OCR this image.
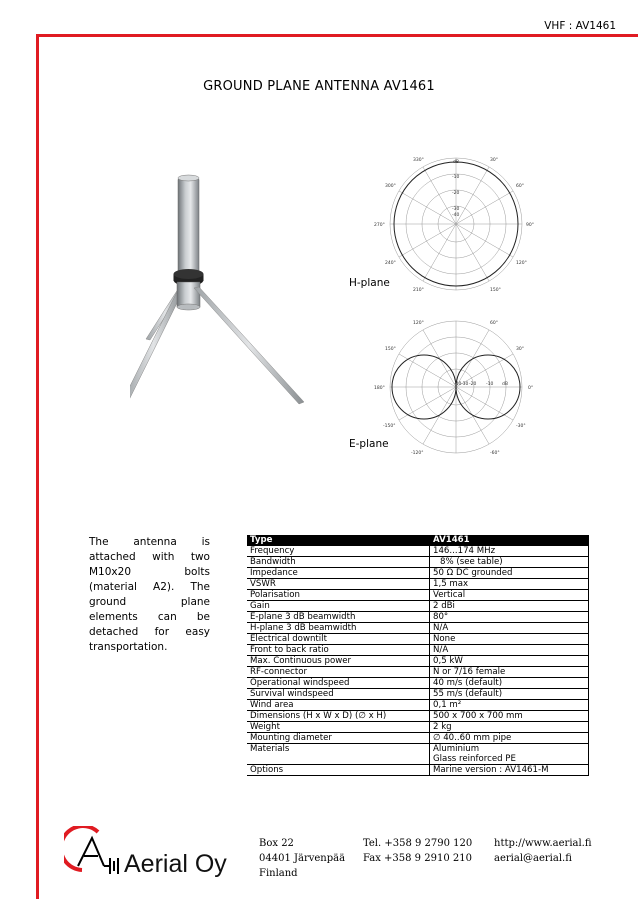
VHF : AV1461
GROUND PLANE ANTENNA AV1461
330°	30°
300°	60°
270°	90°
240°	120°
210°	150°
dB
-10
-20
-30
-40
H-plane
120°	60°
150°	30°
180°	0°
-150°	-30°
-120°	-60°
-40 -30 -20 -10 dB
E-plane
The antenna is attached with two M10x20 bolts (material A2). The ground plane elements can be detached for easy transportation.
Type	AV1461
Frequency	146...174 MHz
Bandwidth	8% (see table)
Impedance	50 Ω DC grounded
VSWR	1,5 max
Polarisation	Vertical
Gain	2 dBi
E-plane 3 dB beamwidth	80°
H-plane 3 dB beamwidth	N/A
Electrical downtilt	None
Front to back ratio	N/A
Max. Continuous power	0,5 kW
RF-connector	N or 7/16 female
Operational windspeed	40 m/s (default)
Survival windspeed	55 m/s (default)
Wind area	0,1 m²
Dimensions (H x W x D) (∅ x H)	500 x 700 x 700 mm
Weight	2 kg
Mounting diameter	∅ 40..60 mm pipe
Materials	Aluminium
Glass reinforced PE
Options	Marine version : AV1461-M
Aerial Oy
Box 22
04401 Järvenpää
Finland
Tel. +358 9 2790 120
Fax +358 9 2910 210
http://www.aerial.fi
aerial@aerial.fi
